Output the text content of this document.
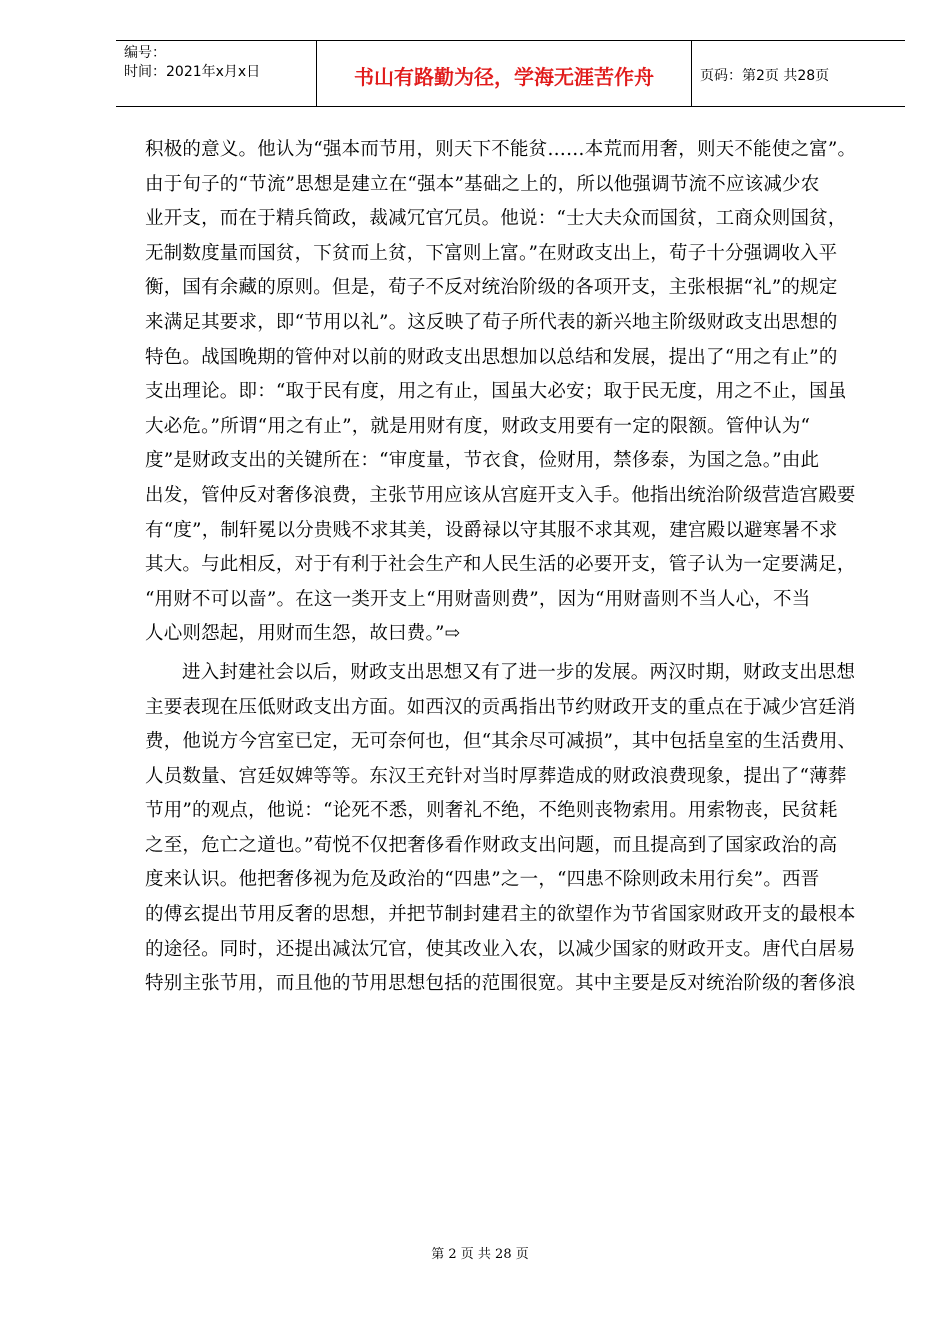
编号：
时间：2021年x月x日	书山有路勤为径，学海无涯苦作舟	页码：第2页 共28页
积极的意义。他认为“强本而节用，则天下不能贫……本荒而用奢，则天不能使之富”。
由于旬子的“节流”思想是建立在“强本”基础之上的，所以他强调节流不应该减少农
业开支，而在于精兵简政，裁减冗官冗员。他说：“士大夫众而国贫，工商众则国贫，
无制数度量而国贫，下贫而上贫，下富则上富。”在财政支出上，荀子十分强调收入平
衡，国有余藏的原则。但是，荀子不反对统治阶级的各项开支，主张根据“礼”的规定
来满足其要求，即“节用以礼”。这反映了荀子所代表的新兴地主阶级财政支出思想的
特色。战国晚期的管仲对以前的财政支出思想加以总结和发展，提出了“用之有止”的
支出理论。即：“取于民有度，用之有止，国虽大必安；取于民无度，用之不止，国虽
大必危。”所谓“用之有止”，就是用财有度，财政支用要有一定的限额。管仲认为“
度”是财政支出的关键所在：“审度量，节衣食，俭财用，禁侈泰，为国之急。”由此
出发，管仲反对奢侈浪费，主张节用应该从宫庭开支入手。他指出统治阶级营造宫殿要
有“度”，制轩冕以分贵贱不求其美，设爵禄以守其服不求其观，建宫殿以避寒暑不求
其大。与此相反，对于有利于社会生产和人民生活的必要开支，管子认为一定要满足，
“用财不可以啬”。在这一类开支上“用财啬则费”，因为“用财啬则不当人心，不当
人心则怨起，用财而生怨，故曰费。”⇨
进入封建社会以后，财政支出思想又有了进一步的发展。两汉时期，财政支出思想
主要表现在压低财政支出方面。如西汉的贡禹指出节约财政开支的重点在于减少宫廷消
费，他说方今宫室已定，无可奈何也，但“其余尽可减损”，其中包括皇室的生活费用、
人员数量、宫廷奴婢等等。东汉王充针对当时厚葬造成的财政浪费现象，提出了“薄葬
节用”的观点，他说：“论死不悉，则奢礼不绝，不绝则丧物索用。用索物丧，民贫耗
之至，危亡之道也。”荀悦不仅把奢侈看作财政支出问题，而且提高到了国家政治的高
度来认识。他把奢侈视为危及政治的“四患”之一，“四患不除则政未用行矣”。西晋
的傅玄提出节用反奢的思想，并把节制封建君主的欲望作为节省国家财政开支的最根本
的途径。同时，还提出减汰冗官，使其改业入农，以减少国家的财政开支。唐代白居易
特别主张节用，而且他的节用思想包括的范围很宽。其中主要是反对统治阶级的奢侈浪
第 2 页 共 28 页
